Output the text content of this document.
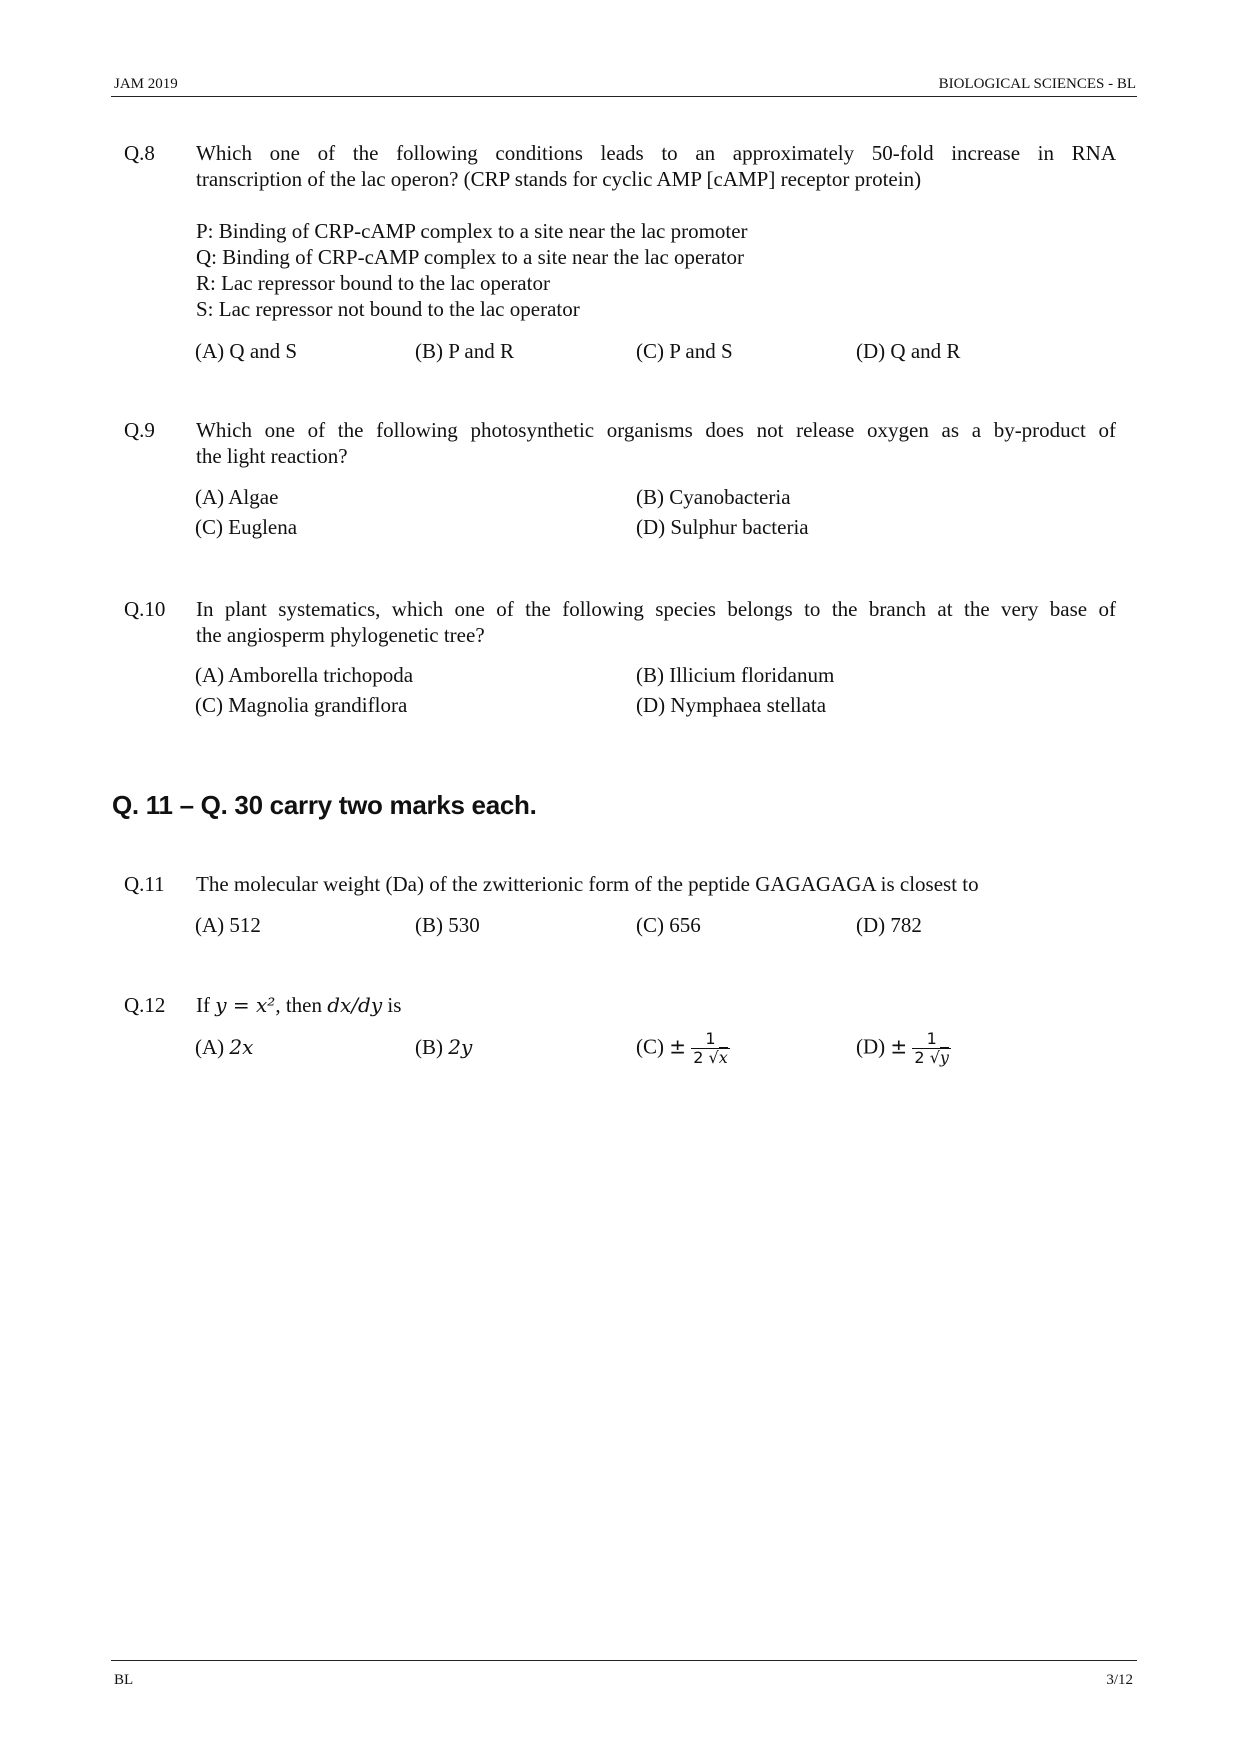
JAM 2019	BIOLOGICAL SCIENCES - BL
Q.8 Which one of the following conditions leads to an approximately 50-fold increase in RNA
transcription of the lac operon? (CRP stands for cyclic AMP [cAMP] receptor protein)
P: Binding of CRP-cAMP complex to a site near the lac promoter
Q: Binding of CRP-cAMP complex to a site near the lac operator
R: Lac repressor bound to the lac operator
S: Lac repressor not bound to the lac operator
(A) Q and S	(B) P and R	(C) P and S	(D) Q and R
Q.9 Which one of the following photosynthetic organisms does not release oxygen as a by-product of
the light reaction?
(A) Algae	(B) Cyanobacteria
(C) Euglena	(D) Sulphur bacteria
Q.10 In plant systematics, which one of the following species belongs to the branch at the very base of
the angiosperm phylogenetic tree?
(A) Amborella trichopoda	(B) Illicium floridanum
(C) Magnolia grandiflora	(D) Nymphaea stellata
Q. 11 – Q. 30 carry two marks each.
Q.11 The molecular weight (Da) of the zwitterionic form of the peptide GAGAGAGA is closest to
(A) 512	(B) 530	(C) 656	(D) 782
Q.12 If y = x², then dx/dy is
(A) 2x	(B) 2y	$(C) \pm \frac{1}{2 √x}$	$(D) \pm \frac{1}{2 √y}$
BL	3/12
